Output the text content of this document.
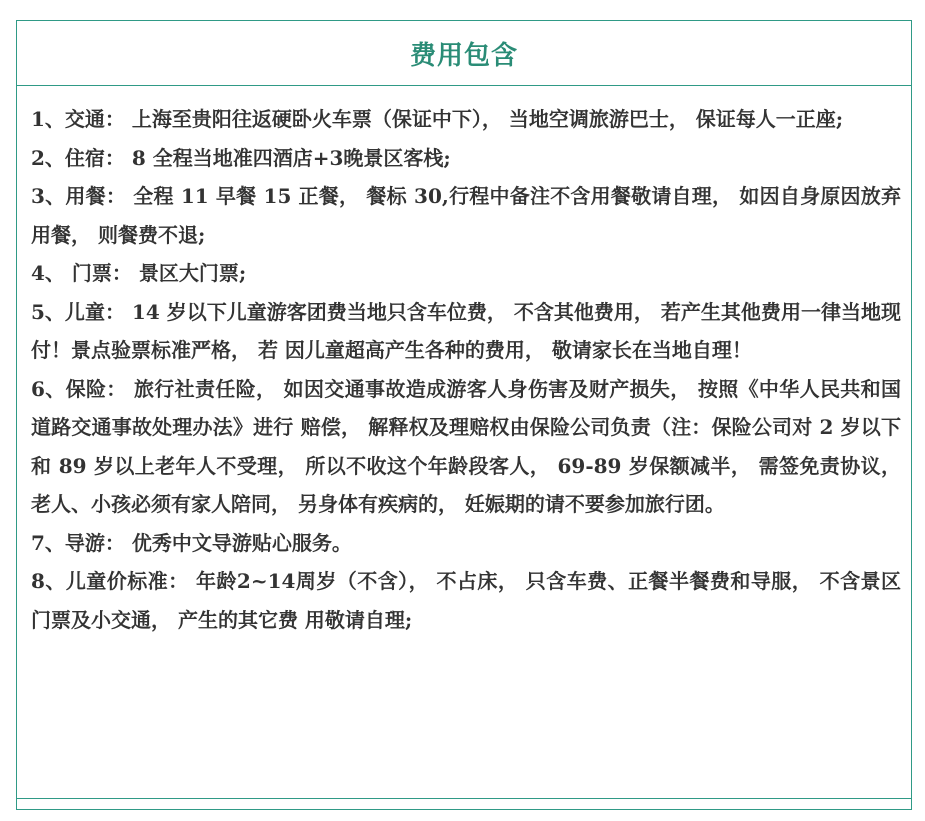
费用包含

1、交通： 上海至贵阳往返硬卧火车票（保证中下）， 当地空调旅游巴士， 保证每人一正座;

2、住宿： 8 全程当地准四酒店+3晚景区客栈;

3、用餐： 全程 11 早餐 15 正餐， 餐标 30,行程中备注不含用餐敬请自理， 如因自身原因放弃用餐， 则餐费不退;

4、 门票： 景区大门票;

5、儿童： 14 岁以下儿童游客团费当地只含车位费， 不含其他费用， 若产生其他费用一律当地现付！景点验票标准严格， 若 因儿童超高产生各种的费用， 敬请家长在当地自理！

6、保险： 旅行社责任险， 如因交通事故造成游客人身伤害及财产损失， 按照《中华人民共和国道路交通事故处理办法》进行 赔偿， 解释权及理赔权由保险公司负责（注：保险公司对 2 岁以下 和 89 岁以上老年人不受理， 所以不收这个年龄段客人， 69-89 岁保额减半， 需签免责协议， 老人、小孩必须有家人陪同， 另身体有疾病的， 妊娠期的请不要参加旅行团。

7、导游： 优秀中文导游贴心服务。

8、儿童价标准： 年龄2~14周岁（不含）， 不占床， 只含车费、正餐半餐费和导服， 不含景区门票及小交通， 产生的其它费 用敬请自理;
